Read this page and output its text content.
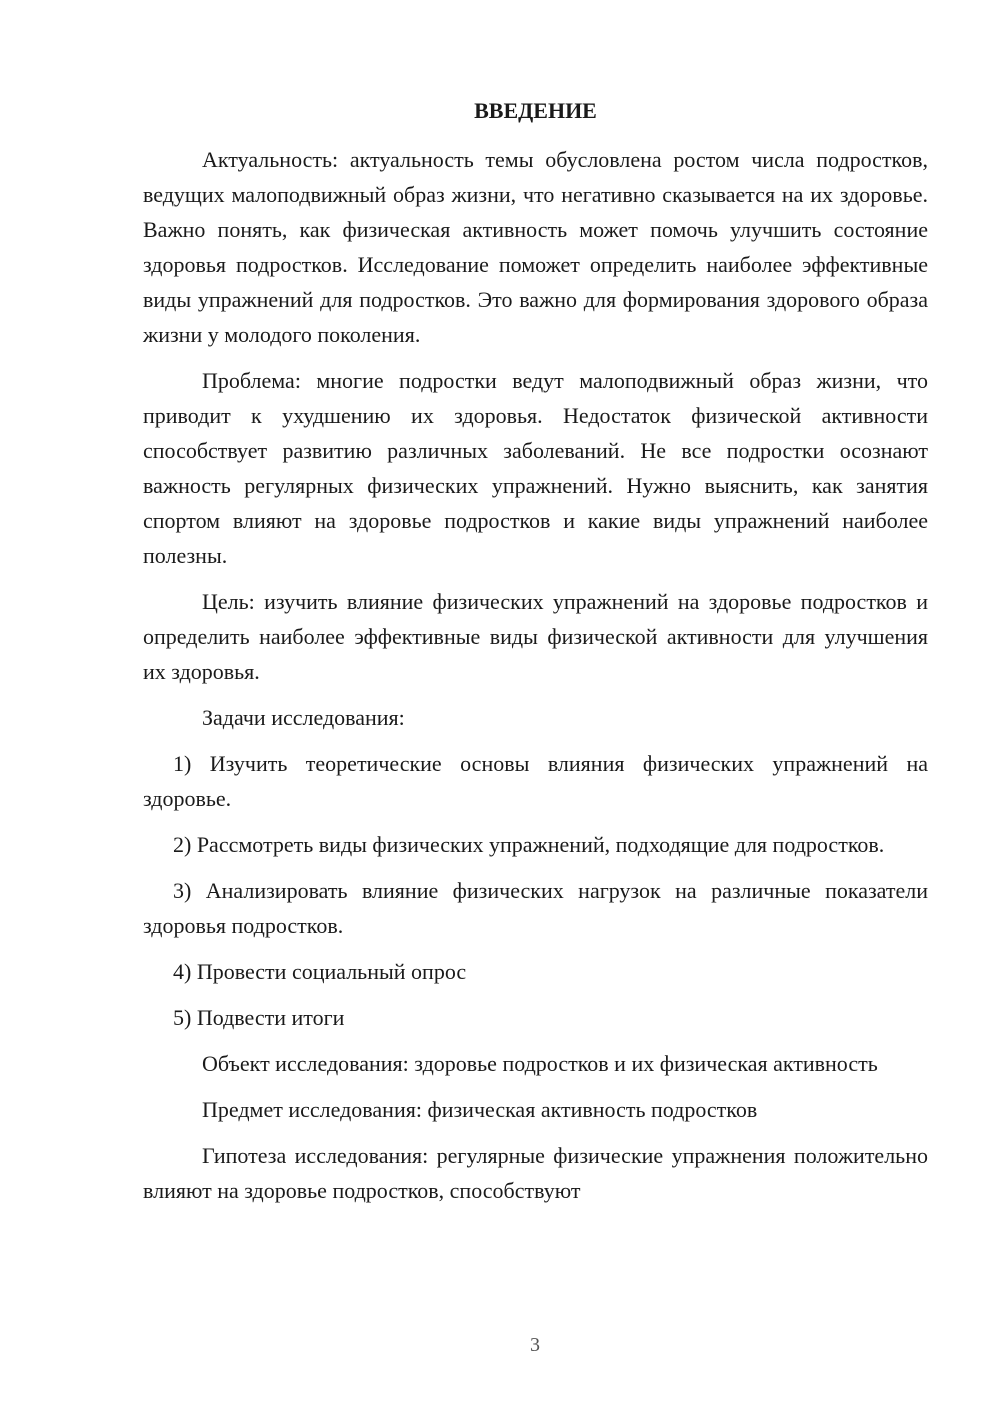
ВВЕДЕНИЕ

Актуальность: актуальность темы обусловлена ростом числа подростков, ведущих малоподвижный образ жизни, что негативно сказывается на их здоровье. Важно понять, как физическая активность может помочь улучшить состояние здоровья подростков. Исследование поможет определить наиболее эффективные виды упражнений для подростков. Это важно для формирования здорового образа жизни у молодого поколения.

Проблема: многие подростки ведут малоподвижный образ жизни, что приводит к ухудшению их здоровья. Недостаток физической активности способствует развитию различных заболеваний. Не все подростки осознают важность регулярных физических упражнений. Нужно выяснить, как занятия спортом влияют на здоровье подростков и какие виды упражнений наиболее полезны.

Цель: изучить влияние физических упражнений на здоровье подростков и определить наиболее эффективные виды физической активности для улучшения их здоровья.

Задачи исследования:

1) Изучить теоретические основы влияния физических упражнений на здоровье.

2) Рассмотреть виды физических упражнений, подходящие для подростков.

3) Анализировать влияние физических нагрузок на различные показатели здоровья подростков.

4) Провести социальный опрос

5) Подвести итоги

Объект исследования: здоровье подростков и их физическая активность

Предмет исследования: физическая активность подростков

Гипотеза исследования: регулярные физические упражнения положительно влияют на здоровье подростков, способствуют

3
